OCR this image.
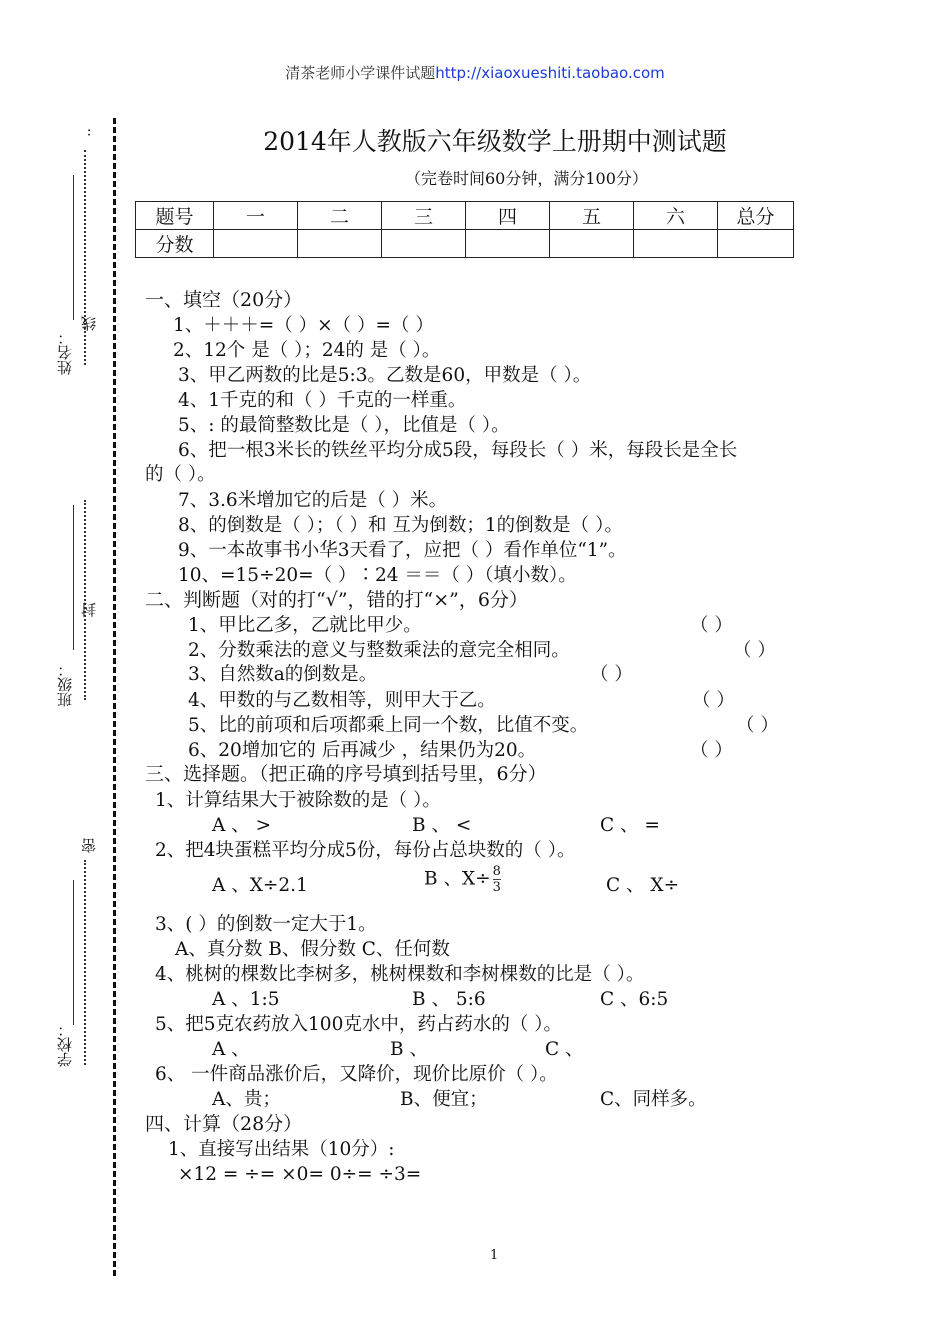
清茶老师小学课件试题http://xiaoxueshiti.taobao.com
..
姓名：
线
班级：
封
密
学校：
2014年人教版六年级数学上册期中测试题
（完卷时间60分钟，满分100分）
题号	一	二	三	四	五	六	总分
分数							
一、填空（20分）
1、＋＋＋=（ ）×（ ）=（ ）
2、12个 是（ ）；24的 是（ ）。
3、甲乙两数的比是5:3。乙数是60，甲数是（ ）。
4、1千克的和（ ）千克的一样重。
5、: 的最简整数比是（ ），比值是（ ）。
6、把一根3米长的铁丝平均分成5段，每段长（ ）米，每段长是全长
的（ ）。
7、3.6米增加它的后是（ ）米。
8、的倒数是（ ）；（ ）和 互为倒数；1的倒数是（ ）。
9、一本故事书小华3天看了，应把（ ）看作单位“1”。
10、=15÷20=（ ）∶24 ＝＝（ ）（填小数）。
二、判断题（对的打“√”，错的打“×”，6分）
1、甲比乙多，乙就比甲少。	（ ）
2、分数乘法的意义与整数乘法的意完全相同。	（ ）
3、自然数a的倒数是。	（ ）
4、甲数的与乙数相等，则甲大于乙。	（ ）
5、比的前项和后项都乘上同一个数，比值不变。	（ ）
6、20增加它的 后再减少 ，结果仍为20。	（ ）
三、选择题。（把正确的序号填到括号里，6分）
1、计算结果大于被除数的是（ ）。
A 、 >	B 、 <	C 、 =
2、把4块蛋糕平均分成5份，每份占总块数的（ ）。
A 、X÷2.1	B 、$X\div \frac{8}{3}$	C 、 X÷
3、( ）的倒数一定大于1。
A、真分数 B、假分数 C、任何数
4、桃树的棵数比李树多，桃树棵数和李树棵数的比是（ ）。
A 、1:5	B 、 5:6	C 、6:5
5、把5克农药放入100克水中，药占药水的（ ）。
A 、	B 、	C 、
6、 一件商品涨价后，又降价，现价比原价（ ）。
A、贵；	B、便宜；	C、同样多。
四、计算（28分）
1、直接写出结果（10分）:
×12 = ÷= ×0= 0÷= ÷3=
1
